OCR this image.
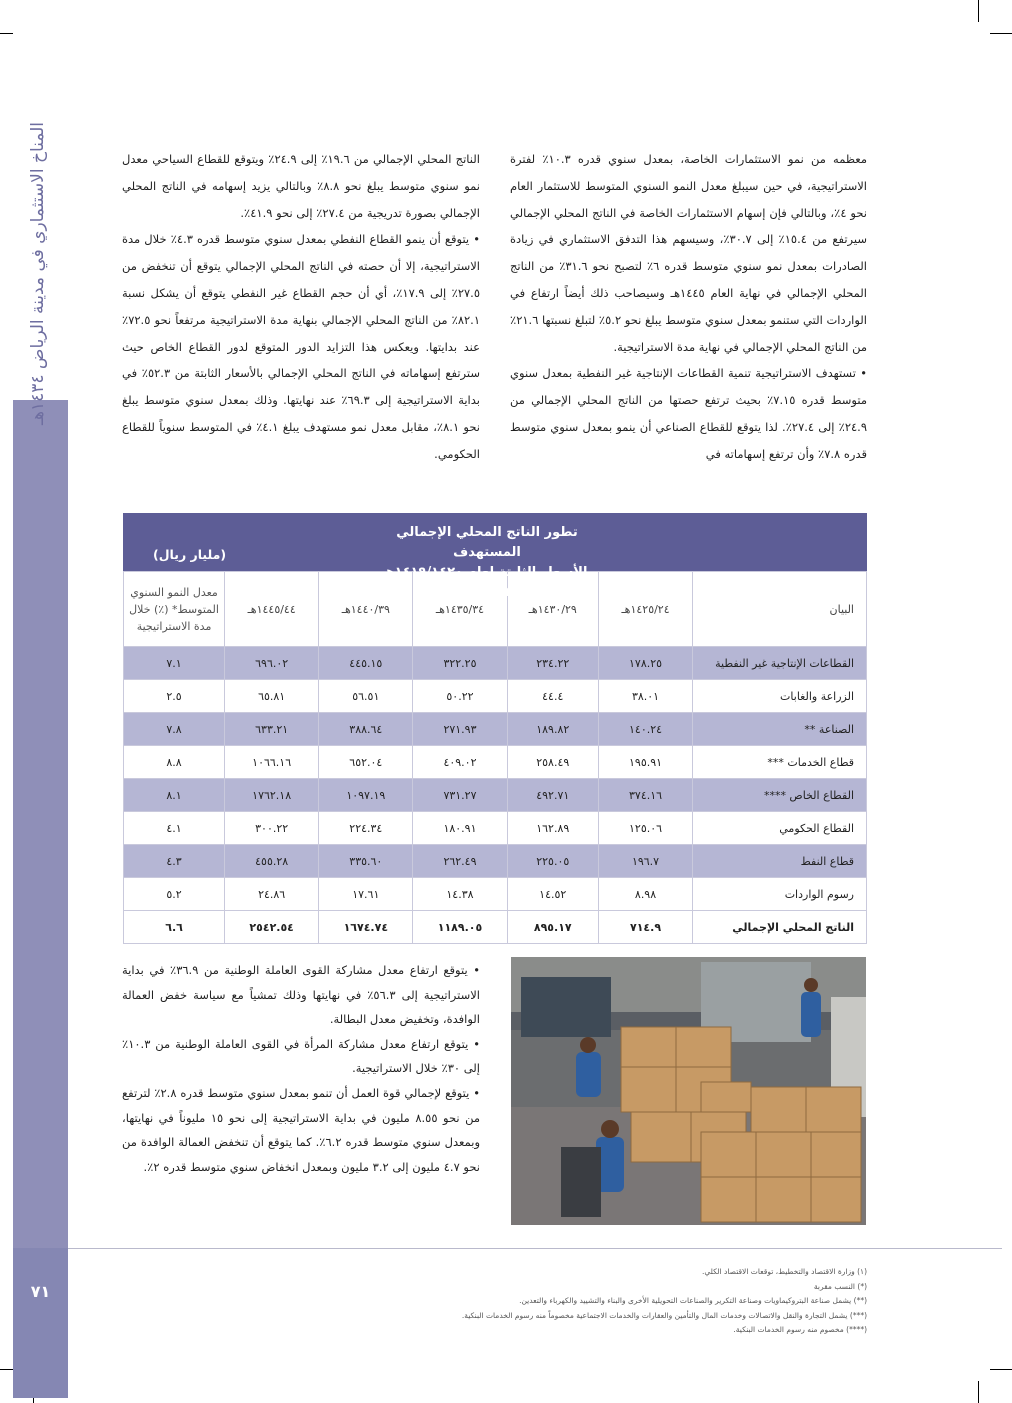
المناخ الاستثماري في مدينة الرياض ١٤٣٤هـ
٧١

معظمه من نمو الاستثمارات الخاصة، بمعدل سنوي قدره ١٠.٣٪ لفترة الاستراتيجية، في حين سيبلغ معدل النمو السنوي المتوسط للاستثمار العام نحو ٤٪، وبالتالي فإن إسهام الاستثمارات الخاصة في الناتج المحلي الإجمالي سيرتفع من ١٥.٤٪ إلى ٣٠.٧٪، وسيسهم هذا التدفق الاستثماري في زيادة الصادرات بمعدل نمو سنوي متوسط قدره ٦٪ لتصبح نحو ٣١.٦٪ من الناتج المحلي الإجمالي في نهاية العام ١٤٤٥هـ وسيصاحب ذلك أيضاً ارتفاع في الواردات التي ستنمو بمعدل سنوي متوسط يبلغ نحو ٥.٢٪ لتبلغ نسبتها ٢١.٦٪ من الناتج المحلي الإجمالي في نهاية مدة الاستراتيجية.

• تستهدف الاستراتيجية تنمية القطاعات الإنتاجية غير النفطية بمعدل سنوي متوسط قدره ٧.١٥٪ بحيث ترتفع حصتها من الناتج المحلي الإجمالي من ٢٤.٩٪ إلى ٢٧.٤٪. لذا يتوقع للقطاع الصناعي أن ينمو بمعدل سنوي متوسط قدره ٧.٨٪ وأن ترتفع إسهاماته في

الناتج المحلي الإجمالي من ١٩.٦٪ إلى ٢٤.٩٪ ويتوقع للقطاع السياحي معدل نمو سنوي متوسط يبلغ نحو ٨.٨٪ وبالتالي يزيد إسهامه في الناتج المحلي الإجمالي بصورة تدريجية من ٢٧.٤٪ إلى نحو ٤١.٩٪.

• يتوقع أن ينمو القطاع النفطي بمعدل سنوي متوسط قدره ٤.٣٪ خلال مدة الاستراتيجية، إلا أن حصته في الناتج المحلي الإجمالي يتوقع أن تنخفض من ٢٧.٥٪ إلى ١٧.٩٪، أي أن حجم القطاع غير النفطي يتوقع أن يشكل نسبة ٨٢.١٪ من الناتج المحلي الإجمالي بنهاية مدة الاستراتيجية مرتفعاً نحو ٧٢.٥٪ عند بدايتها. ويعكس هذا التزايد الدور المتوقع لدور القطاع الخاص حيث سترتفع إسهاماته في الناتج المحلي الإجمالي بالأسعار الثابتة من ٥٢.٣٪ في بداية الاستراتيجية إلى ٦٩.٣٪ عند نهايتها. وذلك بمعدل سنوي متوسط يبلغ نحو ٨.١٪، مقابل معدل نمو مستهدف يبلغ ٤.١٪ في المتوسط سنوياً للقطاع الحكومي.

تطور الناتج المحلي الإجمالي المستهدف
بالأسعار الثابتة لعام ١٤١٩/١٤٢٠هـ (١٩٩٩م)(١)
(مليار ريال)
البيان	١٤٢٥/٢٤هـ	١٤٣٠/٢٩هـ	١٤٣٥/٣٤هـ	١٤٤٠/٣٩هـ	١٤٤٥/٤٤هـ	معدل النمو السنوي المتوسط* (٪) خلال مدة الاستراتيجية
القطاعات الإنتاجية غير النفطية	١٧٨.٢٥	٢٣٤.٢٢	٣٢٢.٢٥	٤٤٥.١٥	٦٩٦.٠٢	٧.١
الزراعة والغابات	٣٨.٠١	٤٤.٤	٥٠.٢٢	٥٦.٥١	٦٥.٨١	٢.٥
الصناعة **	١٤٠.٢٤	١٨٩.٨٢	٢٧١.٩٣	٣٨٨.٦٤	٦٣٣.٢١	٧.٨
قطاع الخدمات ***	١٩٥.٩١	٢٥٨.٤٩	٤٠٩.٠٢	٦٥٢.٠٤	١٠٦٦.١٦	٨.٨
القطاع الخاص ****	٣٧٤.١٦	٤٩٢.٧١	٧٣١.٢٧	١٠٩٧.١٩	١٧٦٢.١٨	٨.١
القطاع الحكومي	١٢٥.٠٦	١٦٢.٨٩	١٨٠.٩١	٢٢٤.٣٤	٣٠٠.٢٢	٤.١
قطاع النفط	١٩٦.٧	٢٢٥.٠٥	٢٦٢.٤٩	٣٣٥.٦٠	٤٥٥.٢٨	٤.٣
رسوم الواردات	٨.٩٨	١٤.٥٢	١٤.٣٨	١٧.٦١	٢٤.٨٦	٥.٢
الناتج المحلي الإجمالي	٧١٤.٩	٨٩٥.١٧	١١٨٩.٠٥	١٦٧٤.٧٤	٢٥٤٢.٥٤	٦.٦

• يتوقع ارتفاع معدل مشاركة القوى العاملة الوطنية من ٣٦.٩٪ في بداية الاستراتيجية إلى ٥٦.٣٪ في نهايتها وذلك تمشياً مع سياسة خفض العمالة الوافدة، وتخفيض معدل البطالة.

• يتوقع ارتفاع معدل مشاركة المرأة في القوى العاملة الوطنية من ١٠.٣٪ إلى ٣٠٪ خلال الاستراتيجية.

• يتوقع لإجمالي قوة العمل أن تنمو بمعدل سنوي متوسط قدره ٢.٨٪ لترتفع من نحو ٨.٥٥ مليون في بداية الاستراتيجية إلى نحو ١٥ مليوناً في نهايتها، وبمعدل سنوي متوسط قدره ٦.٢٪. كما يتوقع أن تنخفض العمالة الوافدة من نحو ٤.٧ مليون إلى ٣.٢ مليون وبمعدل انخفاض سنوي متوسط قدره ٢٪.

(١) وزارة الاقتصاد والتخطيط، توقعات الاقتصاد الكلي.
(*) النسب مقربة
(**) يشمل صناعة البتروكيماويات وصناعة التكرير والصناعات التحويلية الأخرى والبناء والتشييد والكهرباء والتعدين.
(***) يشمل التجارة والنقل والاتصالات وخدمات المال والتأمين والعقارات والخدمات الاجتماعية مخصوماً منه رسوم الخدمات البنكية.
(****) مخصوم منه رسوم الخدمات البنكية.
